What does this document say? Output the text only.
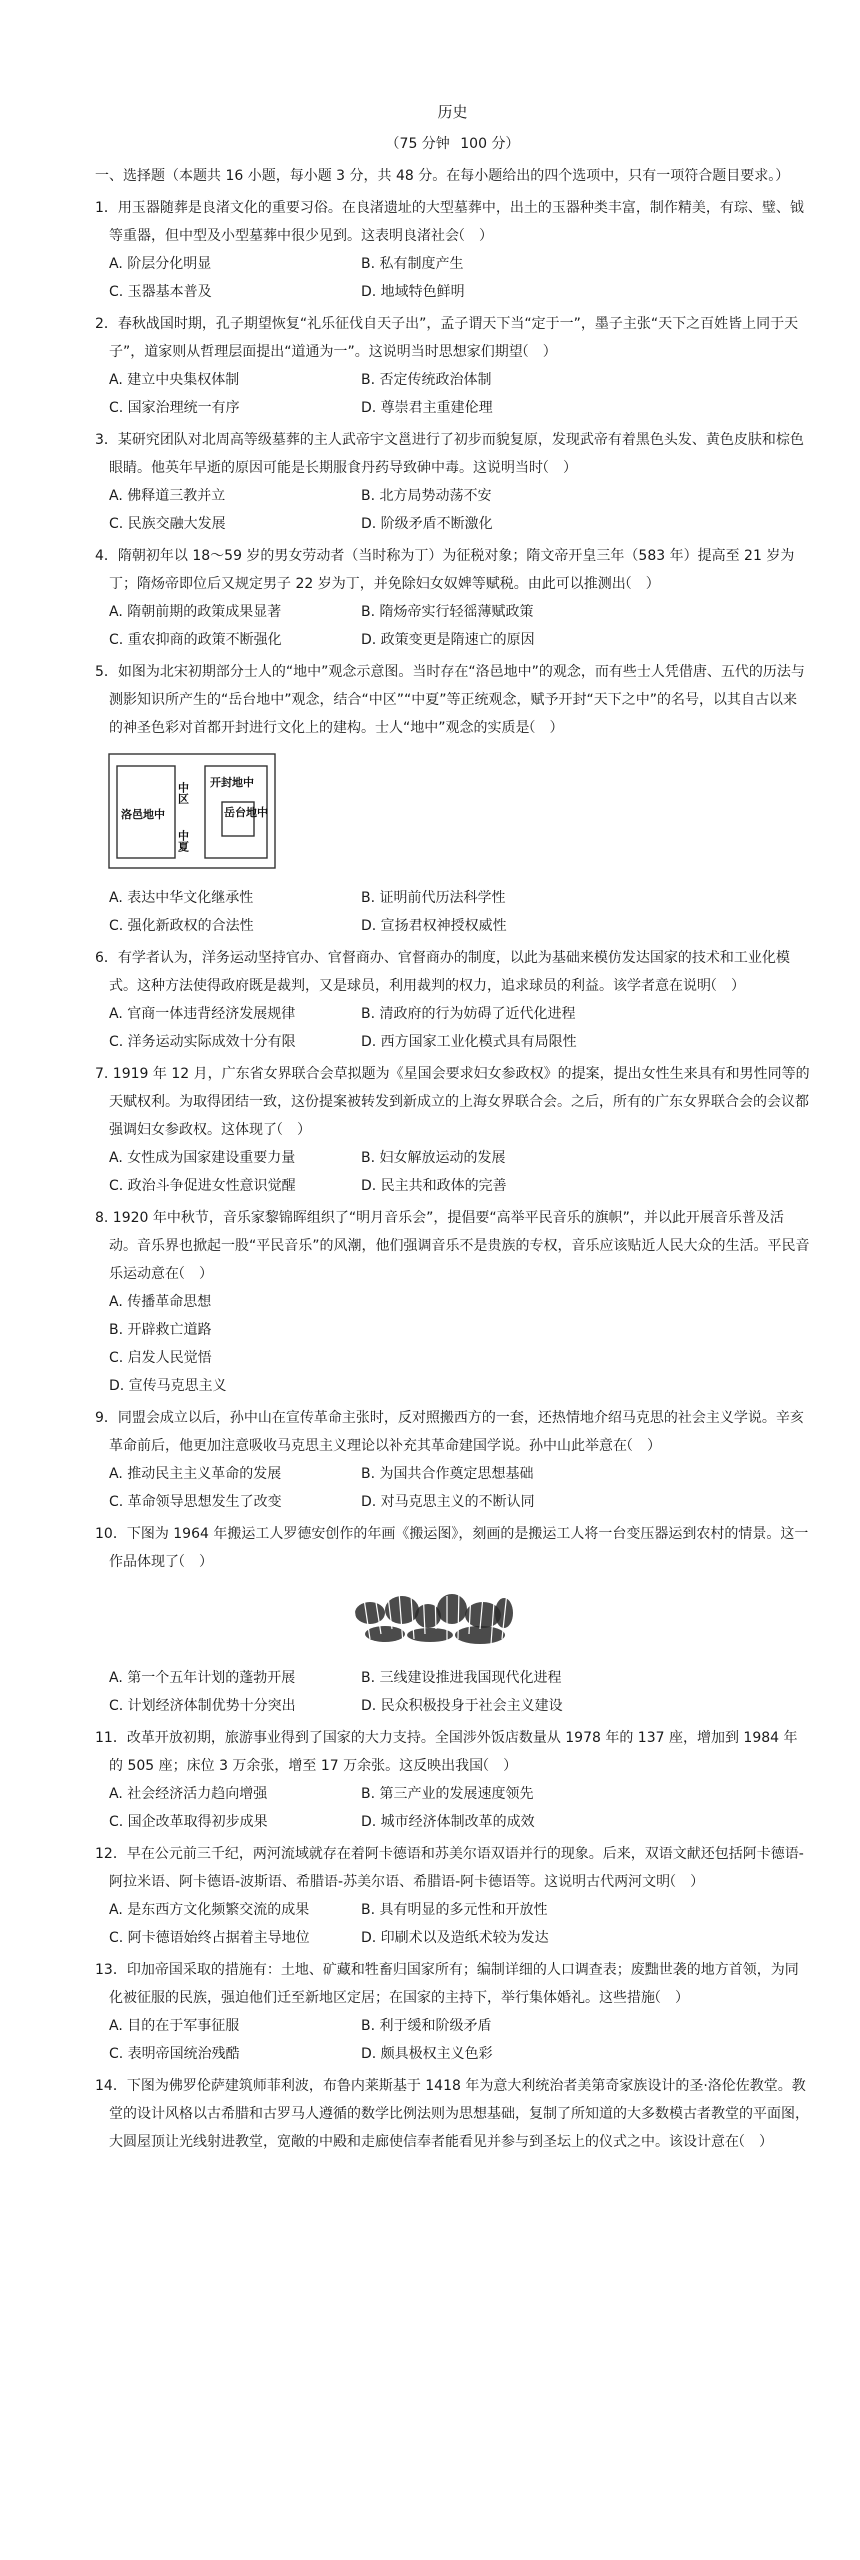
历史
（75 分钟 100 分）
一、选择题（本题共 16 小题，每小题 3 分，共 48 分。在每小题给出的四个选项中，只有一项符合题目要求。）
1．用玉器随葬是良渚文化的重要习俗。在良渚遗址的大型墓葬中，出土的玉器种类丰富，制作精美，有琮、璧、钺等重器，但中型及小型墓葬中很少见到。这表明良渚社会（　）
A. 阶层分化明显	B. 私有制度产生
C. 玉器基本普及	D. 地域特色鲜明
2．春秋战国时期，孔子期望恢复“礼乐征伐自天子出”，孟子谓天下当“定于一”，墨子主张“天下之百姓皆上同于天子”，道家则从哲理层面提出“道通为一”。这说明当时思想家们期望（　）
A. 建立中央集权体制	B. 否定传统政治体制
C. 国家治理统一有序	D. 尊崇君主重建伦理
3．某研究团队对北周高等级墓葬的主人武帝宇文邕进行了初步而貌复原，发现武帝有着黑色头发、黄色皮肤和棕色眼睛。他英年早逝的原因可能是长期服食丹药导致砷中毒。这说明当时（　）
A. 佛释道三教并立	B. 北方局势动荡不安
C. 民族交融大发展	D. 阶级矛盾不断激化
4．隋朝初年以 18～59 岁的男女劳动者（当时称为丁）为征税对象；隋文帝开皇三年（583 年）提高至 21 岁为丁；隋炀帝即位后又规定男子 22 岁为丁，并免除妇女奴婢等赋税。由此可以推测出（　）
A. 隋朝前期的政策成果显著	B. 隋炀帝实行轻徭薄赋政策
C. 重农抑商的政策不断强化	D. 政策变更是隋速亡的原因
5．如图为北宋初期部分士人的“地中”观念示意图。当时存在“洛邑地中”的观念，而有些士人凭借唐、五代的历法与测影知识所产生的“岳台地中”观念，结合“中区”“中夏”等正统观念，赋予开封“天下之中”的名号，以其自古以来的神圣色彩对首都开封进行文化上的建构。士人“地中”观念的实质是（　）
洛邑地中
开封地中
中区
中夏
岳台地中
A. 表达中华文化继承性	B. 证明前代历法科学性
C. 强化新政权的合法性	D. 宣扬君权神授权威性
6．有学者认为，洋务运动坚持官办、官督商办、官督商办的制度，以此为基础来模仿发达国家的技术和工业化模式。这种方法使得政府既是裁判，又是球员，利用裁判的权力，追求球员的利益。该学者意在说明（　）
A. 官商一体违背经济发展规律	B. 清政府的行为妨碍了近代化进程
C. 洋务运动实际成效十分有限	D. 西方国家工业化模式具有局限性
7. 1919 年 12 月，广东省女界联合会草拟题为《星国会要求妇女参政权》的提案，提出女性生来具有和男性同等的天赋权利。为取得团结一致，这份提案被转发到新成立的上海女界联合会。之后，所有的广东女界联合会的会议都强调妇女参政权。这体现了（　）
A. 女性成为国家建设重要力量	B. 妇女解放运动的发展
C. 政治斗争促进女性意识觉醒	D. 民主共和政体的完善
8. 1920 年中秋节，音乐家黎锦晖组织了“明月音乐会”，提倡要“高举平民音乐的旗帜”，并以此开展音乐普及活动。音乐界也掀起一股“平民音乐”的风潮，他们强调音乐不是贵族的专权，音乐应该贴近人民大众的生活。平民音乐运动意在（　）
A. 传播革命思想
B. 开辟救亡道路
C. 启发人民觉悟
D. 宣传马克思主义
9．同盟会成立以后，孙中山在宣传革命主张时，反对照搬西方的一套，还热情地介绍马克思的社会主义学说。辛亥革命前后，他更加注意吸收马克思主义理论以补充其革命建国学说。孙中山此举意在（　）
A. 推动民主主义革命的发展	B. 为国共合作奠定思想基础
C. 革命领导思想发生了改变	D. 对马克思主义的不断认同
10．下图为 1964 年搬运工人罗德安创作的年画《搬运图》，刻画的是搬运工人将一台变压器运到农村的情景。这一作品体现了（　）
A. 第一个五年计划的蓬勃开展	B. 三线建设推进我国现代化进程
C. 计划经济体制优势十分突出	D. 民众积极投身于社会主义建设
11．改革开放初期，旅游事业得到了国家的大力支持。全国涉外饭店数量从 1978 年的 137 座，增加到 1984 年的 505 座；床位 3 万余张，增至 17 万余张。这反映出我国（　）
A. 社会经济活力趋向增强	B. 第三产业的发展速度领先
C. 国企改革取得初步成果	D. 城市经济体制改革的成效
12．早在公元前三千纪，两河流域就存在着阿卡德语和苏美尔语双语并行的现象。后来，双语文献还包括阿卡德语-阿拉米语、阿卡德语-波斯语、希腊语-苏美尔语、希腊语-阿卡德语等。这说明古代两河文明（　）
A. 是东西方文化频繁交流的成果	B. 具有明显的多元性和开放性
C. 阿卡德语始终占据着主导地位	D. 印刷术以及造纸术较为发达
13．印加帝国采取的措施有：土地、矿藏和牲畜归国家所有；编制详细的人口调查表；废黜世袭的地方首领，为同化被征服的民族，强迫他们迁至新地区定居；在国家的主持下，举行集体婚礼。这些措施（　）
A. 目的在于军事征服	B. 利于缓和阶级矛盾
C. 表明帝国统治残酷	D. 颇具极权主义色彩
14．下图为佛罗伦萨建筑师菲利波，布鲁内莱斯基于 1418 年为意大利统治者美第奇家族设计的圣·洛伦佐教堂。教堂的设计风格以古希腊和古罗马人遵循的数学比例法则为思想基础，复制了所知道的大多数模古者教堂的平面图，大圆屋顶让光线射进教堂，宽敞的中殿和走廊使信奉者能看见并参与到圣坛上的仪式之中。该设计意在（　）
